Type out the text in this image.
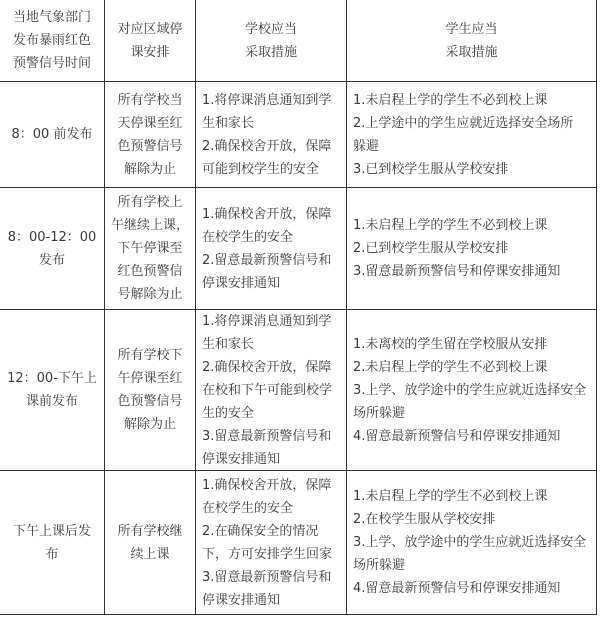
当地气象部门
发布暴雨红色
预警信号时间
对应区域停
课安排
学校应当
采取措施
学生应当
采取措施
8：00 前发布
所有学校当
天停课至红
色预警信号
解除为止
1.将停课消息通知到学
生和家长
2.确保校舍开放，保障
可能到校学生的安全
1.未启程上学的学生不必到校上课
2.上学途中的学生应就近选择安全场所
躲避
3.已到校学生服从学校安排
8：00-12：00
发布
所有学校上
午继续上课，
下午停课至
红色预警信
号解除为止
1.确保校舍开放，保障
在校学生的安全
2.留意最新预警信号和
停课安排通知
1.未启程上学的学生不必到校上课
2.已到校学生服从学校安排
3.留意最新预警信号和停课安排通知
12：00-下午上
课前发布
所有学校下
午停课至红
色预警信号
解除为止
1.将停课消息通知到学
生和家长
2.确保校舍开放，保障
在校和下午可能到校学
生的安全
3.留意最新预警信号和
停课安排通知
1.未离校的学生留在学校服从安排
2.未启程上学的学生不必到校上课
3.上学、放学途中的学生应就近选择安全
场所躲避
4.留意最新预警信号和停课安排通知
下午上课后发
布
所有学校继
续上课
1.确保校舍开放，保障
在校学生的安全
2.在确保安全的情况
下，方可安排学生回家
3.留意最新预警信号和
停课安排通知
1.未启程上学的学生不必到校上课
2.在校学生服从学校安排
3.上学、放学途中的学生应就近选择安全
场所躲避
4.留意最新预警信号和停课安排通知
